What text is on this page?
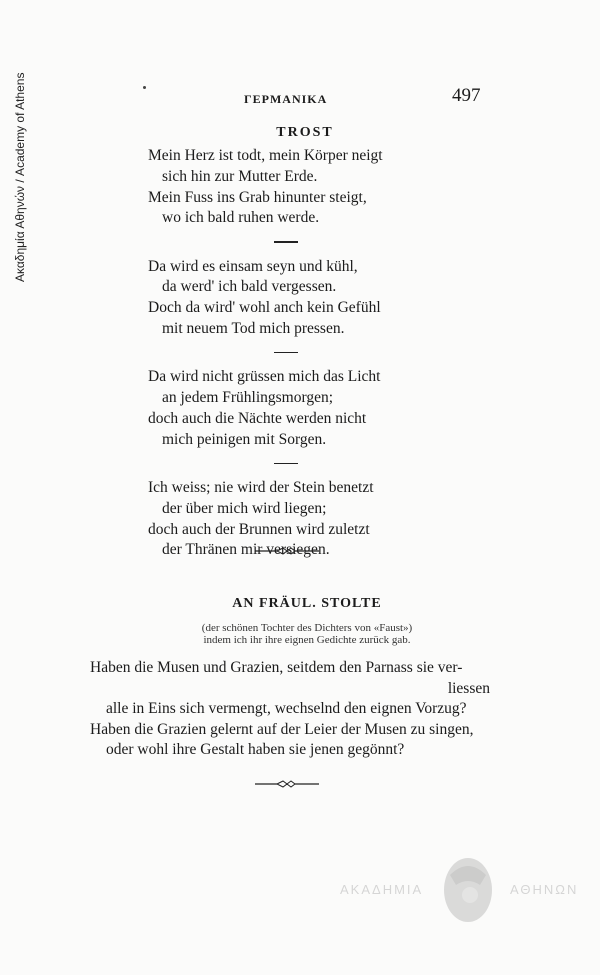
Ακαδημία Αθηνών / Academy of Athens	ΓΕΡΜΑΝΙΚΑ	497
TROST
Mein Herz ist todt, mein Körper neigt
sich hin zur Mutter Erde.
Mein Fuss ins Grab hinunter steigt,
wo ich bald ruhen werde.
Da wird es einsam seyn und kühl,
da werd' ich bald vergessen.
Doch da wird' wohl anch kein Gefühl
mit neuem Tod mich pressen.
Da wird nicht grüssen mich das Licht
an jedem Frühlingsmorgen;
doch auch die Nächte werden nicht
mich peinigen mit Sorgen.
Ich weiss; nie wird der Stein benetzt
der über mich wird liegen;
doch auch der Brunnen wird zuletzt
der Thränen mir versiegen.
AN FRÄUL. STOLTE
(der schönen Tochter des Dichters von «Faust»)
indem ich ihr ihre eignen Gedichte zurück gab.
Haben die Musen und Grazien, seitdem den Parnass sie ver-
liessen
alle in Eins sich vermengt, wechselnd den eignen Vorzug?
Haben die Grazien gelernt auf der Leier der Musen zu singen,
oder wohl ihre Gestalt haben sie jenen gegönnt?
ΑΚΑΔΗΜΙΑ	ΑΘΗΝΩΝ
